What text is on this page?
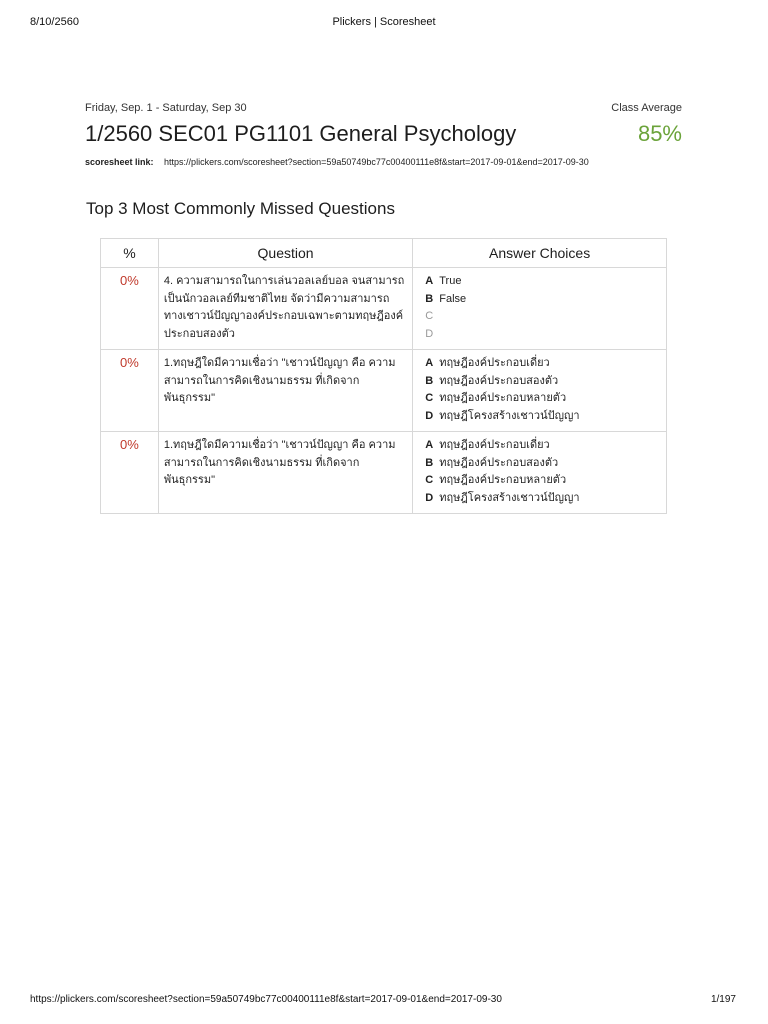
8/10/2560	Plickers | Scoresheet
Friday, Sep. 1 - Saturday, Sep 30	Class Average
1/2560 SEC01 PG1101 General Psychology	85%
scoresheet link: https://plickers.com/scoresheet?section=59a50749bc77c00400111e8f&start=2017-09-01&end=2017-09-30
Top 3 Most Commonly Missed Questions
%	Question	Answer Choices
0%	4. ความสามารถในการเล่นวอลเลย์บอล จนสามารถเป็นนักวอลเลย์ทีมชาติไทย จัดว่ามีความสามารถทางเชาวน์ปัญญาองค์ประกอบเฉพาะตามทฤษฎีองค์ประกอบสองตัว	A True
B False
C
D

0%	1.ทฤษฎีใดมีความเชื่อว่า "เชาวน์ปัญญา คือ ความสามารถในการคิดเชิงนามธรรม ที่เกิดจากพันธุกรรม"	A ทฤษฎีองค์ประกอบเดี่ยว
B ทฤษฎีองค์ประกอบสองตัว
C ทฤษฎีองค์ประกอบหลายตัว
D ทฤษฎีโครงสร้างเชาวน์ปัญญา

0%	1.ทฤษฎีใดมีความเชื่อว่า "เชาวน์ปัญญา คือ ความสามารถในการคิดเชิงนามธรรม ที่เกิดจากพันธุกรรม"	A ทฤษฎีองค์ประกอบเดี่ยว
B ทฤษฎีองค์ประกอบสองตัว
C ทฤษฎีองค์ประกอบหลายตัว
D ทฤษฎีโครงสร้างเชาวน์ปัญญา
https://plickers.com/scoresheet?section=59a50749bc77c00400111e8f&start=2017-09-01&end=2017-09-30	1/197
